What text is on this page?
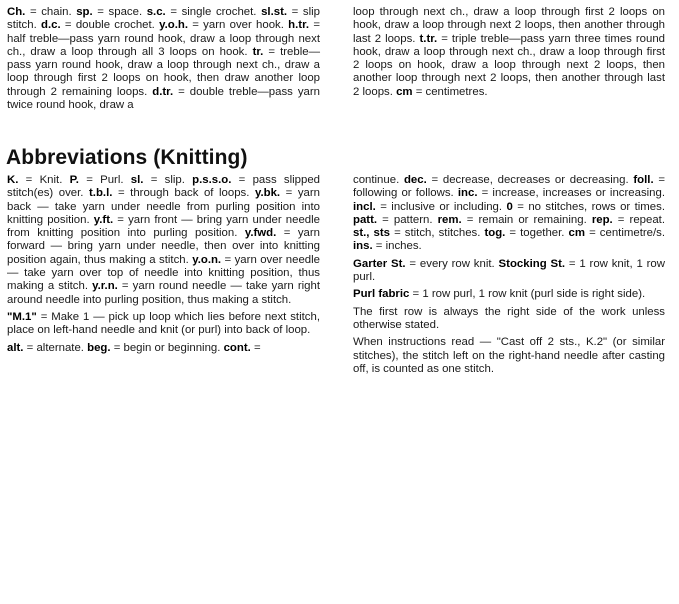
Ch. = chain. sp. = space. s.c. = single crochet. sl.st. = slip stitch. d.c. = double crochet. y.o.h. = yarn over hook. h.tr. = half treble—pass yarn round hook, draw a loop through next ch., draw a loop through all 3 loops on hook. tr. = treble—pass yarn round hook, draw a loop through next ch., draw a loop through first 2 loops on hook, then draw another loop through 2 remaining loops. d.tr. = double treble—pass yarn twice round hook, draw a

loop through next ch., draw a loop through first 2 loops on hook, draw a loop through next 2 loops, then another through last 2 loops. t.tr. = triple treble—pass yarn three times round hook, draw a loop through next ch., draw a loop through first 2 loops on hook, draw a loop through next 2 loops, then another loop through next 2 loops, then another through last 2 loops. cm = centimetres.

Abbreviations (Knitting)

K. = Knit. P. = Purl. sl. = slip. p.s.s.o. = pass slipped stitch(es) over. t.b.l. = through back of loops. y.bk. = yarn back — take yarn under needle from purling position into knitting position. y.ft. = yarn front — bring yarn under needle from knitting position into purling position. y.fwd. = yarn forward — bring yarn under needle, then over into knitting position again, thus making a stitch. y.o.n. = yarn over needle — take yarn over top of needle into knitting position, thus making a stitch. y.r.n. = yarn round needle — take yarn right around needle into purling position, thus making a stitch.

"M.1" = Make 1 — pick up loop which lies before next stitch, place on left-hand needle and knit (or purl) into back of loop.

alt. = alternate. beg. = begin or beginning. cont. =

continue. dec. = decrease, decreases or decreasing. foll. = following or follows. inc. = increase, increases or increasing. incl. = inclusive or including. 0 = no stitches, rows or times. patt. = pattern. rem. = remain or remaining. rep. = repeat. st., sts = stitch, stitches. tog. = together. cm = centimetre/s. ins. = inches.

Garter St. = every row knit. Stocking St. = 1 row knit, 1 row purl.

Purl fabric = 1 row purl, 1 row knit (purl side is right side).

The first row is always the right side of the work unless otherwise stated.

When instructions read — "Cast off 2 sts., K.2" (or similar stitches), the stitch left on the right-hand needle after casting off, is counted as one stitch.
